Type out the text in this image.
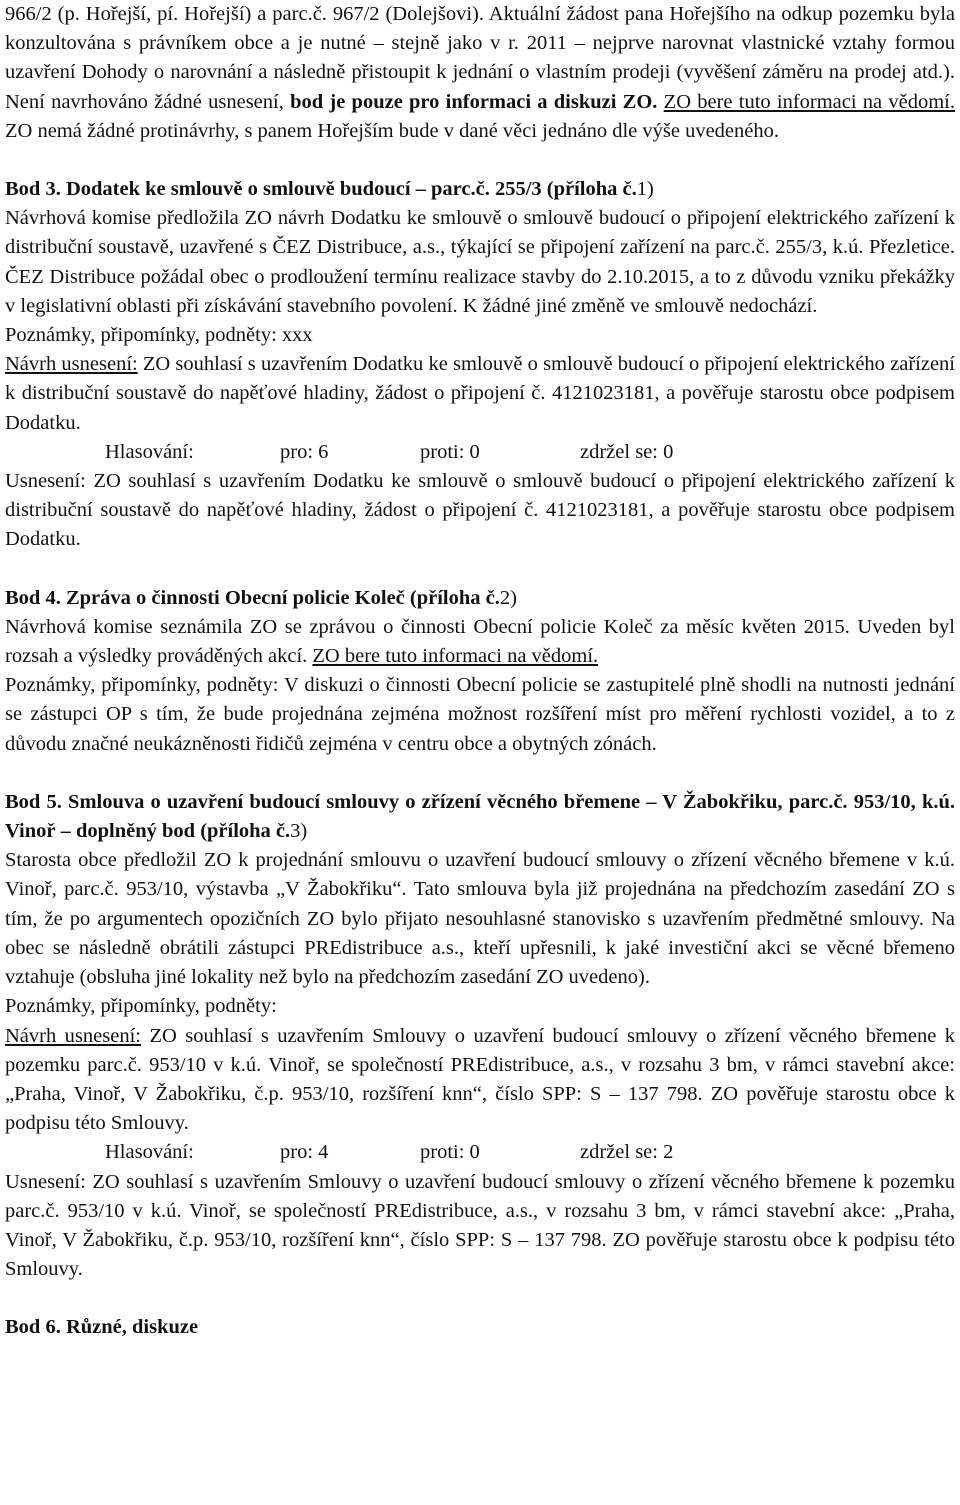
966/2 (p. Hořejší, pí. Hořejší) a parc.č. 967/2 (Dolejšovi). Aktuální žádost pana Hořejšího na odkup pozemku byla konzultována s právníkem obce a je nutné – stejně jako v r. 2011 – nejprve narovnat vlastnické vztahy formou uzavření Dohody o narovnání a následně přistoupit k jednání o vlastním prodeji (vyvěšení záměru na prodej atd.). Není navrhováno žádné usnesení, bod je pouze pro informaci a diskuzi ZO. ZO bere tuto informaci na vědomí. ZO nemá žádné protinávrhy, s panem Hořejším bude v dané věci jednáno dle výše uvedeného.

Bod 3. Dodatek ke smlouvě o smlouvě budoucí – parc.č. 255/3 (příloha č.1)

Návrhová komise předložila ZO návrh Dodatku ke smlouvě o smlouvě budoucí o připojení elektrického zařízení k distribuční soustavě, uzavřené s ČEZ Distribuce, a.s., týkající se připojení zařízení na parc.č. 255/3, k.ú. Přezletice. ČEZ Distribuce požádal obec o prodloužení termínu realizace stavby do 2.10.2015, a to z důvodu vzniku překážky v legislativní oblasti při získávání stavebního povolení. K žádné jiné změně ve smlouvě nedochází.

Poznámky, připomínky, podněty: xxx

Návrh usnesení: ZO souhlasí s uzavřením Dodatku ke smlouvě o smlouvě budoucí o připojení elektrického zařízení k distribuční soustavě do napěťové hladiny, žádost o připojení č. 4121023181, a pověřuje starostu obce podpisem Dodatku.

Hlasování:	pro: 6	proti: 0	zdržel se: 0

Usnesení: ZO souhlasí s uzavřením Dodatku ke smlouvě o smlouvě budoucí o připojení elektrického zařízení k distribuční soustavě do napěťové hladiny, žádost o připojení č. 4121023181, a pověřuje starostu obce podpisem Dodatku.

Bod 4. Zpráva o činnosti Obecní policie Koleč (příloha č.2)

Návrhová komise seznámila ZO se zprávou o činnosti Obecní policie Koleč za měsíc květen 2015. Uveden byl rozsah a výsledky prováděných akcí. ZO bere tuto informaci na vědomí.

Poznámky, připomínky, podněty: V diskuzi o činnosti Obecní policie se zastupitelé plně shodli na nutnosti jednání se zástupci OP s tím, že bude projednána zejména možnost rozšíření míst pro měření rychlosti vozidel, a to z důvodu značné neukázněnosti řidičů zejména v centru obce a obytných zónách.

Bod 5. Smlouva o uzavření budoucí smlouvy o zřízení věcného břemene – V Žabokřiku, parc.č. 953/10, k.ú. Vinoř – doplněný bod (příloha č.3)

Starosta obce předložil ZO k projednání smlouvu o uzavření budoucí smlouvy o zřízení věcného břemene v k.ú. Vinoř, parc.č. 953/10, výstavba „V Žabokřiku“. Tato smlouva byla již projednána na předchozím zasedání ZO s tím, že po argumentech opozičních ZO bylo přijato nesouhlasné stanovisko s uzavřením předmětné smlouvy. Na obec se následně obrátili zástupci PREdistribuce a.s., kteří upřesnili, k jaké investiční akci se věcné břemeno vztahuje (obsluha jiné lokality než bylo na předchozím zasedání ZO uvedeno).

Poznámky, připomínky, podněty:

Návrh usnesení: ZO souhlasí s uzavřením Smlouvy o uzavření budoucí smlouvy o zřízení věcného břemene k pozemku parc.č. 953/10 v k.ú. Vinoř, se společností PREdistribuce, a.s., v rozsahu 3 bm, v rámci stavební akce: „Praha, Vinoř, V Žabokřiku, č.p. 953/10, rozšíření knn“, číslo SPP: S – 137 798. ZO pověřuje starostu obce k podpisu této Smlouvy.

Hlasování:	pro: 4	proti: 0	zdržel se: 2

Usnesení: ZO souhlasí s uzavřením Smlouvy o uzavření budoucí smlouvy o zřízení věcného břemene k pozemku parc.č. 953/10 v k.ú. Vinoř, se společností PREdistribuce, a.s., v rozsahu 3 bm, v rámci stavební akce: „Praha, Vinoř, V Žabokřiku, č.p. 953/10, rozšíření knn“, číslo SPP: S – 137 798. ZO pověřuje starostu obce k podpisu této Smlouvy.

Bod 6. Různé, diskuze
